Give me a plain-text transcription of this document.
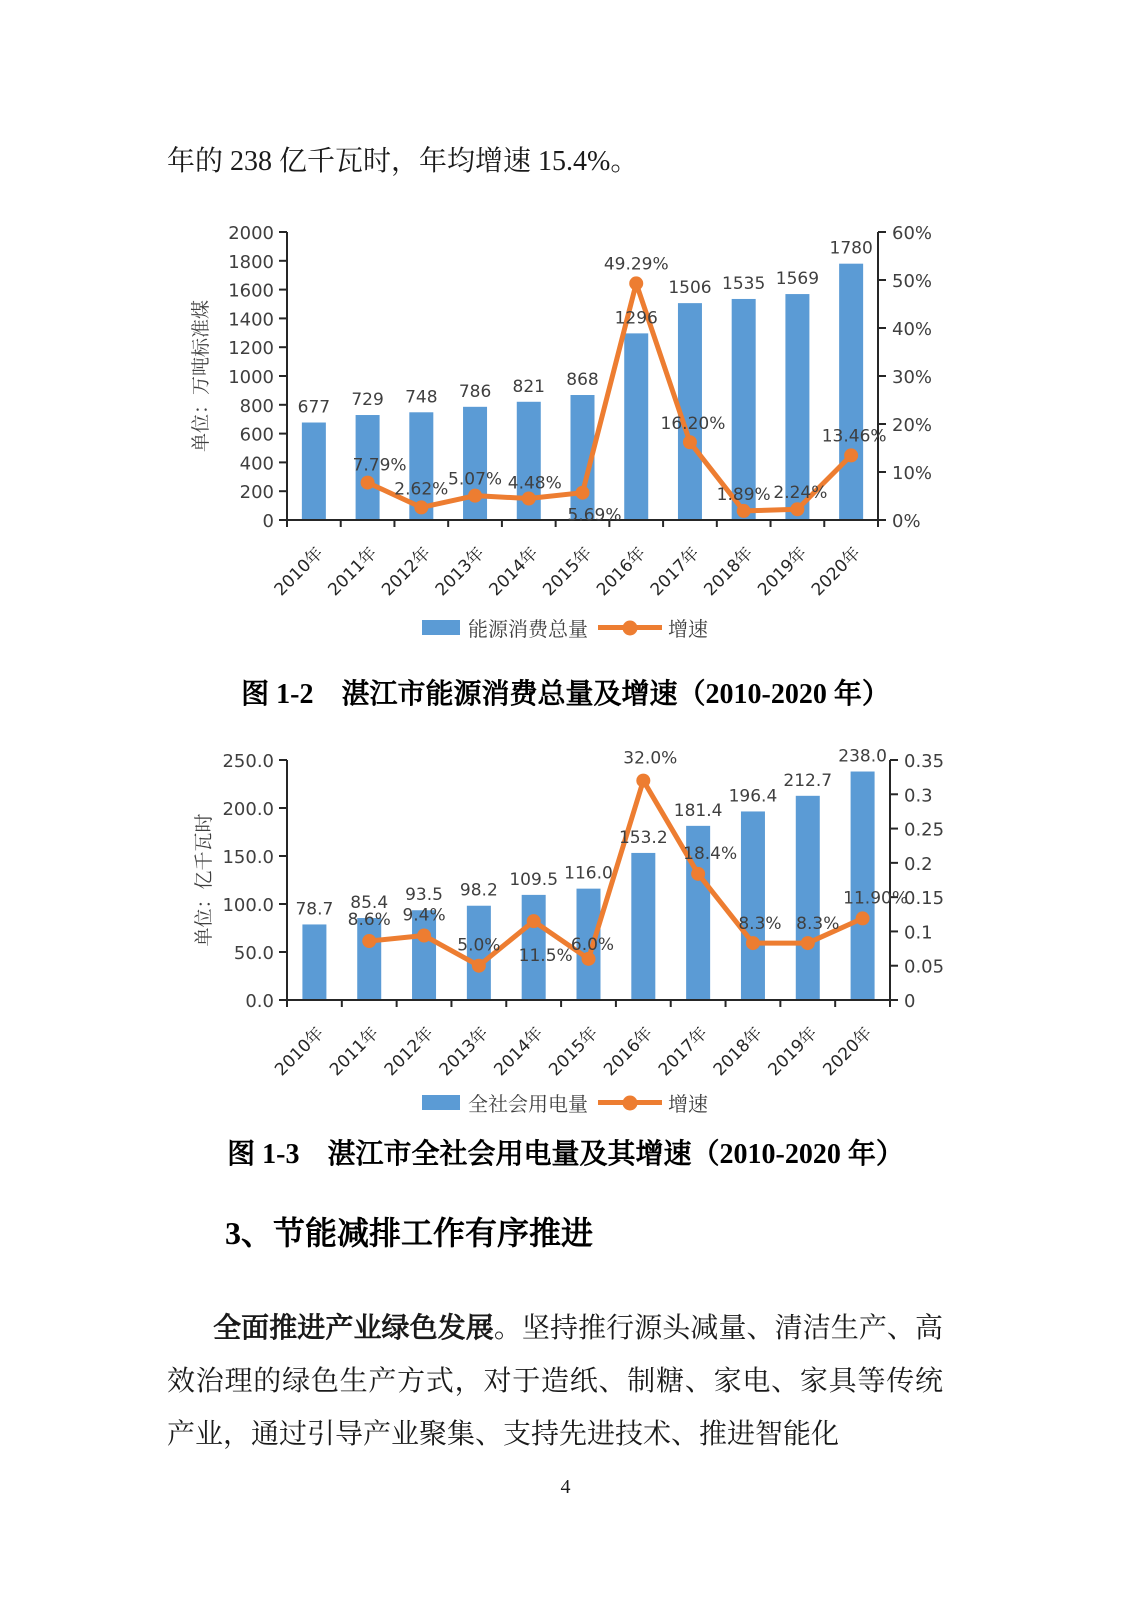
年的 238 亿千瓦时，年均增速 15.4%。
0
200
400
600
800
1000
1200
1400
1600
1800
2000
0%
10%
20%
30%
40%
50%
60%
2010年
2011年
2012年
2013年
2014年
2015年
2016年
2017年
2018年
2019年
2020年
单位：万吨标准煤	677 729 748 786 821 868
1296
1506 1535 1569
1780
7.79%
2.62% 5.07% 4.48%
5.69%
49.29%
16.20%
1.89% 2.24%
13.46%
能源消费总量	增速
图 1-2　湛江市能源消费总量及增速（2010-2020 年）
0.0
50.0
100.0
150.0
200.0
250.0
0
0.05
0.1
0.15
0.2
0.25
0.3
0.35
2010年
2011年
2012年
2013年
2014年
2015年
2016年
2017年
2018年
2019年
2020年
单位：亿千瓦时	78.7 85.4 93.5 98.2
109.5 116.0
153.2
181.4
196.4
212.7
238.0
8.6% 9.4%
5.0%
11.5%
6.0%
32.0%
18.4%
8.3% 8.3%
11.90%
全社会用电量	增速
图 1-3　湛江市全社会用电量及其增速（2010-2020 年）
3、节能减排工作有序推进

全面推进产业绿色发展。坚持推行源头减量、清洁生产、高效治理的绿色生产方式，对于造纸、制糖、家电、家具等传统产业，通过引导产业聚集、支持先进技术、推进智能化

4
